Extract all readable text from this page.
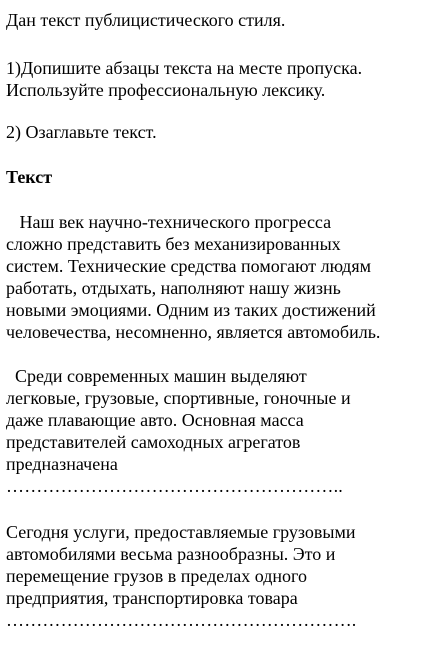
Дан текст публицистического стиля.

1)Допишите абзацы текста на месте пропуска.
Используйте профессиональную лексику.

2) Озаглавьте текст.

Текст

Наш век научно-технического прогресса
сложно представить без механизированных
систем. Технические средства помогают людям
работать, отдыхать, наполняют нашу жизнь
новыми эмоциями. Одним из таких достижений
человечества, несомненно, является автомобиль.

Среди современных машин выделяют
легковые, грузовые, спортивные, гоночные и
даже плавающие авто. Основная масса
представителей самоходных агрегатов
предназначена
………………………………………………..

Сегодня услуги, предоставляемые грузовыми
автомобилями весьма разнообразны. Это и
перемещение грузов в пределах одного
предприятия, транспортировка товара
………………………………………………….
